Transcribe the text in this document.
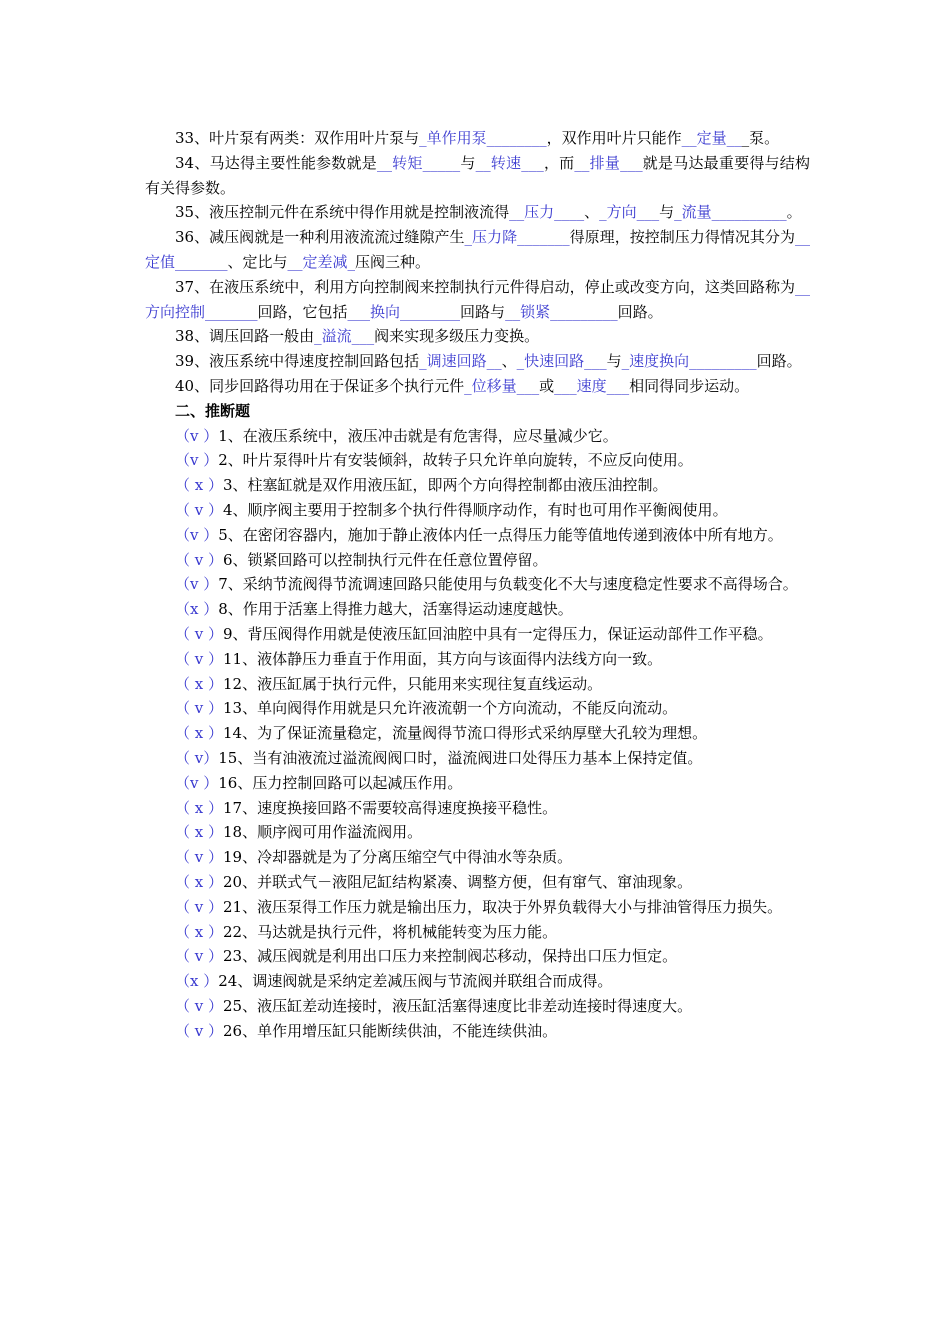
33、叶片泵有两类：双作用叶片泵与_单作用泵________，双作用叶片只能作__定量___泵。

34、马达得主要性能参数就是__转矩_____与__转速___，而__排量___就是马达最重要得与结构有关得参数。

35、液压控制元件在系统中得作用就是控制液流得__压力____、_方向___与_流量__________。

36、减压阀就是一种利用液流流过缝隙产生_压力降_______得原理，按控制压力得情况其分为__定值_______、定比与__定差减_压阀三种。

37、在液压系统中，利用方向控制阀来控制执行元件得启动，停止或改变方向，这类回路称为__方向控制_______回路，它包括___换向________回路与__锁紧_________回路。

38、调压回路一般由_溢流___阀来实现多级压力变换。

39、液压系统中得速度控制回路包括_调速回路__、_快速回路___与_速度换向_________回路。

40、同步回路得功用在于保证多个执行元件_位移量___或___速度___相同得同步运动。

二、推断题

（v ）1、在液压系统中，液压冲击就是有危害得，应尽量减少它。

（v ）2、叶片泵得叶片有安装倾斜，故转子只允许单向旋转，不应反向使用。

（ x ）3、柱塞缸就是双作用液压缸，即两个方向得控制都由液压油控制。

（ v ）4、顺序阀主要用于控制多个执行件得顺序动作，有时也可用作平衡阀使用。

（v ）5、在密闭容器内，施加于静止液体内任一点得压力能等值地传递到液体中所有地方。

（ v ）6、锁紧回路可以控制执行元件在任意位置停留。

（v ）7、采纳节流阀得节流调速回路只能使用与负载变化不大与速度稳定性要求不高得场合。

（x ）8、作用于活塞上得推力越大，活塞得运动速度越快。

（ v ）9、背压阀得作用就是使液压缸回油腔中具有一定得压力，保证运动部件工作平稳。

（ v ）11、液体静压力垂直于作用面，其方向与该面得内法线方向一致。

（ x ）12、液压缸属于执行元件，只能用来实现往复直线运动。

（ v ）13、单向阀得作用就是只允许液流朝一个方向流动，不能反向流动。

（ x ）14、为了保证流量稳定，流量阀得节流口得形式采纳厚壁大孔较为理想。

（ v）15、当有油液流过溢流阀阀口时，溢流阀进口处得压力基本上保持定值。

（v ）16、压力控制回路可以起减压作用。

（ x ）17、速度换接回路不需要较高得速度换接平稳性。

（ x ）18、顺序阀可用作溢流阀用。

（ v ）19、冷却器就是为了分离压缩空气中得油水等杂质。

（ x ）20、并联式气－液阻尼缸结构紧凑、调整方便，但有窜气、窜油现象。

（ v ）21、液压泵得工作压力就是输出压力，取决于外界负载得大小与排油管得压力损失。

（ x ）22、马达就是执行元件，将机械能转变为压力能。

（ v ）23、减压阀就是利用出口压力来控制阀芯移动，保持出口压力恒定。

（x ）24、调速阀就是采纳定差减压阀与节流阀并联组合而成得。

（ v ）25、液压缸差动连接时，液压缸活塞得速度比非差动连接时得速度大。

（ v ）26、单作用增压缸只能断续供油，不能连续供油。
